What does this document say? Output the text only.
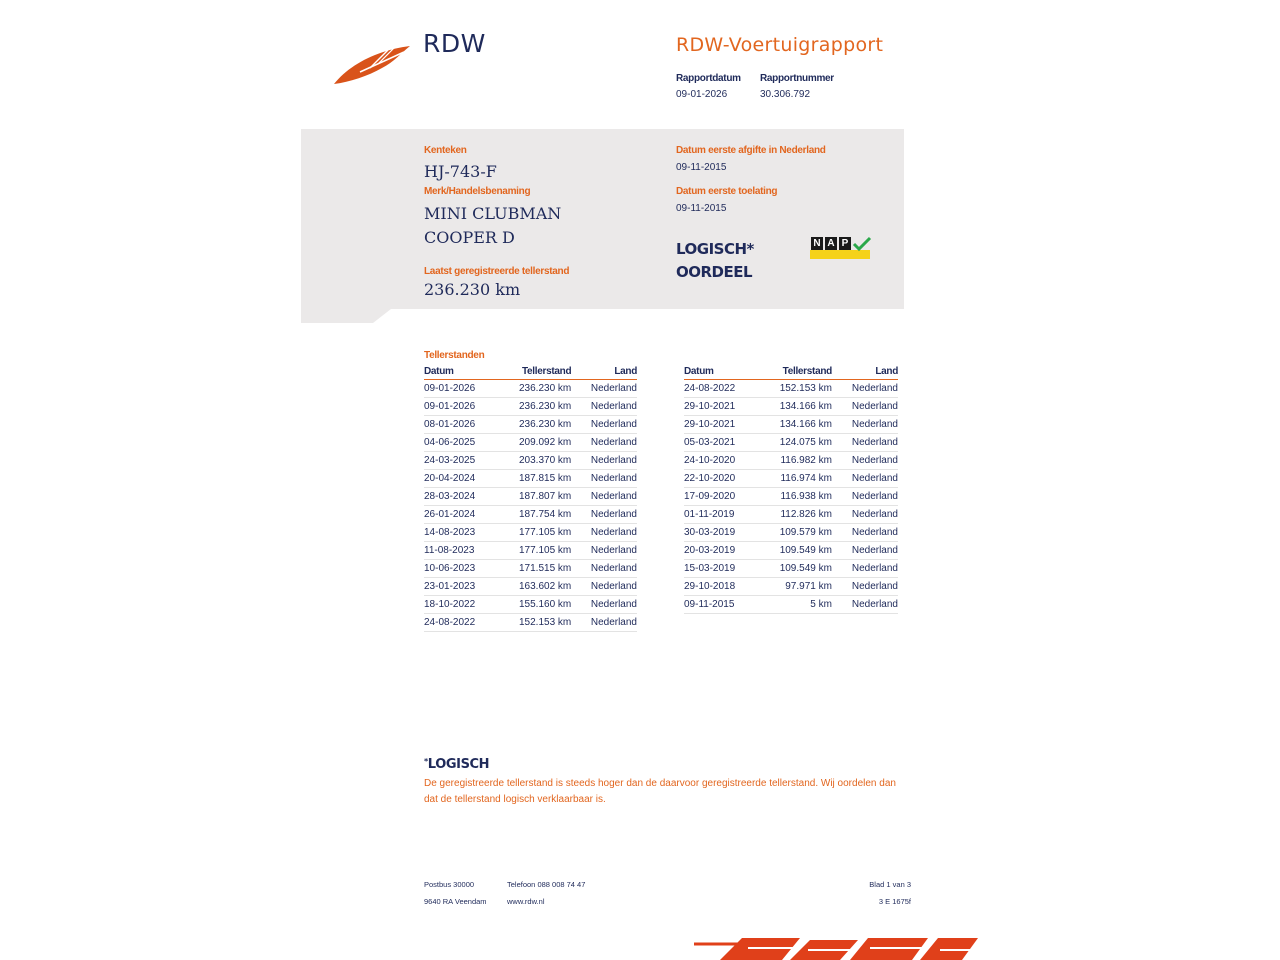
RDW	RDW-Voertuigrapport
Rapportdatum
09-01-2026
Rapportnummer
30.306.792
Kenteken
HJ-743-F
Merk/Handelsbenaming
MINI CLUBMAN
COOPER D
Laatst geregistreerde tellerstand
236.230 km
Datum eerste afgifte in Nederland
09-11-2015
Datum eerste toelating
09-11-2015
LOGISCH*
OORDEEL
N A P
Tellerstanden
Datum	Tellerstand	Land
09-01-2026	236.230 km	Nederland
09-01-2026	236.230 km	Nederland
08-01-2026	236.230 km	Nederland
04-06-2025	209.092 km	Nederland
24-03-2025	203.370 km	Nederland
20-04-2024	187.815 km	Nederland
28-03-2024	187.807 km	Nederland
26-01-2024	187.754 km	Nederland
14-08-2023	177.105 km	Nederland
11-08-2023	177.105 km	Nederland
10-06-2023	171.515 km	Nederland
23-01-2023	163.602 km	Nederland
18-10-2022	155.160 km	Nederland
24-08-2022	152.153 km	Nederland
Datum	Tellerstand	Land
24-08-2022	152.153 km	Nederland
29-10-2021	134.166 km	Nederland
29-10-2021	134.166 km	Nederland
05-03-2021	124.075 km	Nederland
24-10-2020	116.982 km	Nederland
22-10-2020	116.974 km	Nederland
17-09-2020	116.938 km	Nederland
01-11-2019	112.826 km	Nederland
30-03-2019	109.579 km	Nederland
20-03-2019	109.549 km	Nederland
15-03-2019	109.549 km	Nederland
29-10-2018	97.971 km	Nederland
09-11-2015	5 km	Nederland
*LOGISCH
De geregistreerde tellerstand is steeds hoger dan de daarvoor geregistreerde tellerstand. Wij oordelen dan
dat de tellerstand logisch verklaarbaar is.
Postbus 30000
9640 RA Veendam
Telefoon 088 008 74 47
www.rdw.nl
Blad 1 van 3
3 E 1675f
